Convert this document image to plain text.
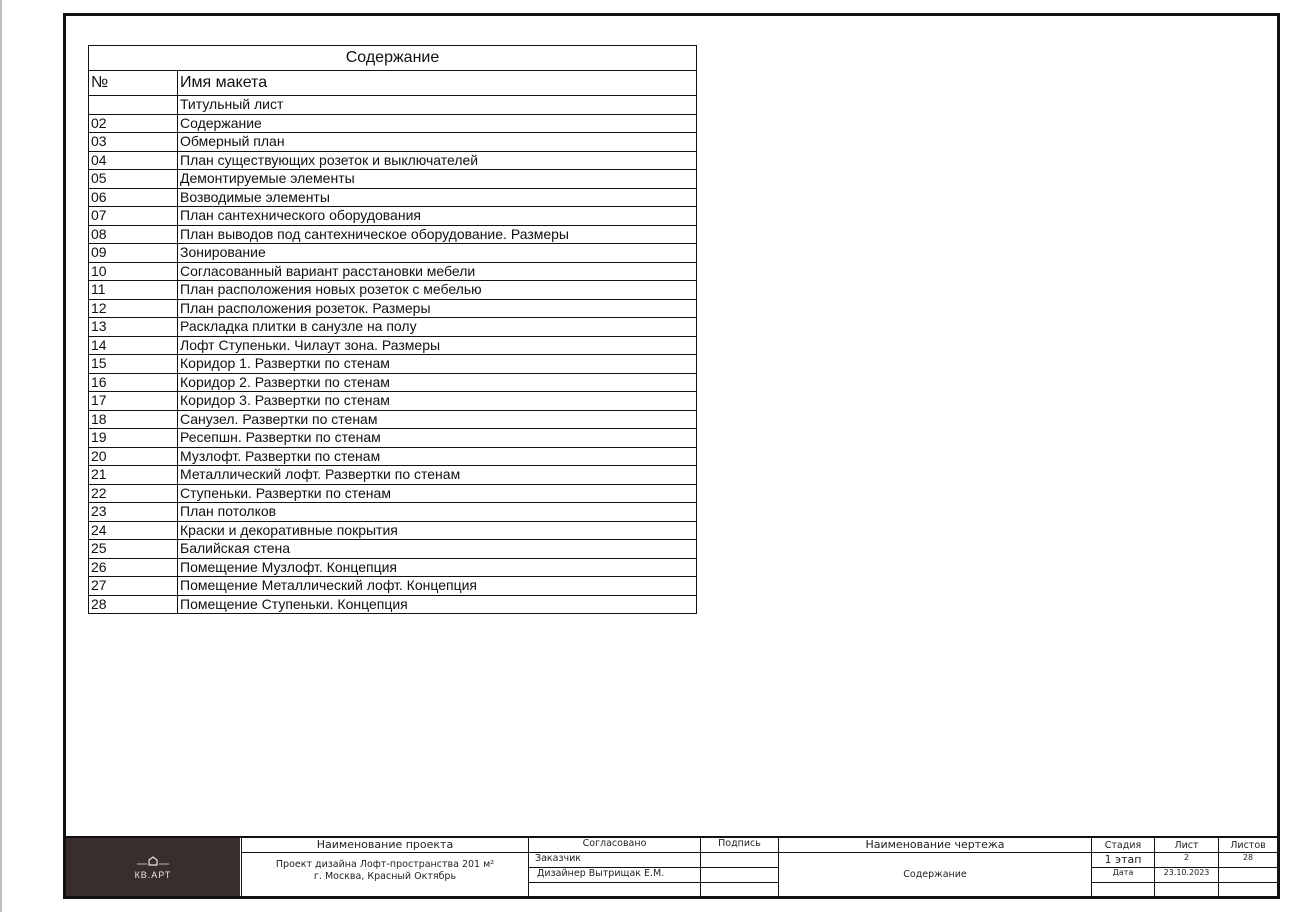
Содержание	
№	Имя макета
	Титульный лист
02	Содержание
03	Обмерный план
04	План существующих розеток и выключателей
05	Демонтируемые элементы
06	Возводимые элементы
07	План сантехнического оборудования
08	План выводов под сантехническое оборудование. Размеры
09	Зонирование
10	Согласованный вариант расстановки мебели
11	План расположения новых розеток с мебелью
12	План расположения розеток. Размеры
13	Раскладка плитки в санузле на полу
14	Лофт Ступеньки. Чилаут зона. Размеры
15	Коридор 1. Развертки по стенам
16	Коридор 2. Развертки по стенам
17	Коридор 3. Развертки по стенам
18	Санузел. Развертки по стенам
19	Ресепшн. Развертки по стенам
20	Музлофт. Развертки по стенам
21	Металлический лофт. Развертки по стенам
22	Ступеньки. Развертки по стенам
23	План потолков
24	Краски и декоративные покрытия
25	Балийская стена
26	Помещение Музлофт. Концепция
27	Помещение Металлический лофт. Концепция
28	Помещение Ступеньки. Концепция
КВ.АРТ
Наименование проекта
Проект дизайна Лофт-пространства 201 м²
г. Москва, Красный Октябрь
Согласовано
Заказчик
Дизайнер Вытрищак Е.М.
Подпись	Наименование чертежа
Содержание
Стадия	Лист	Листов
1 этап	2	28
Дата	23.10.2023
